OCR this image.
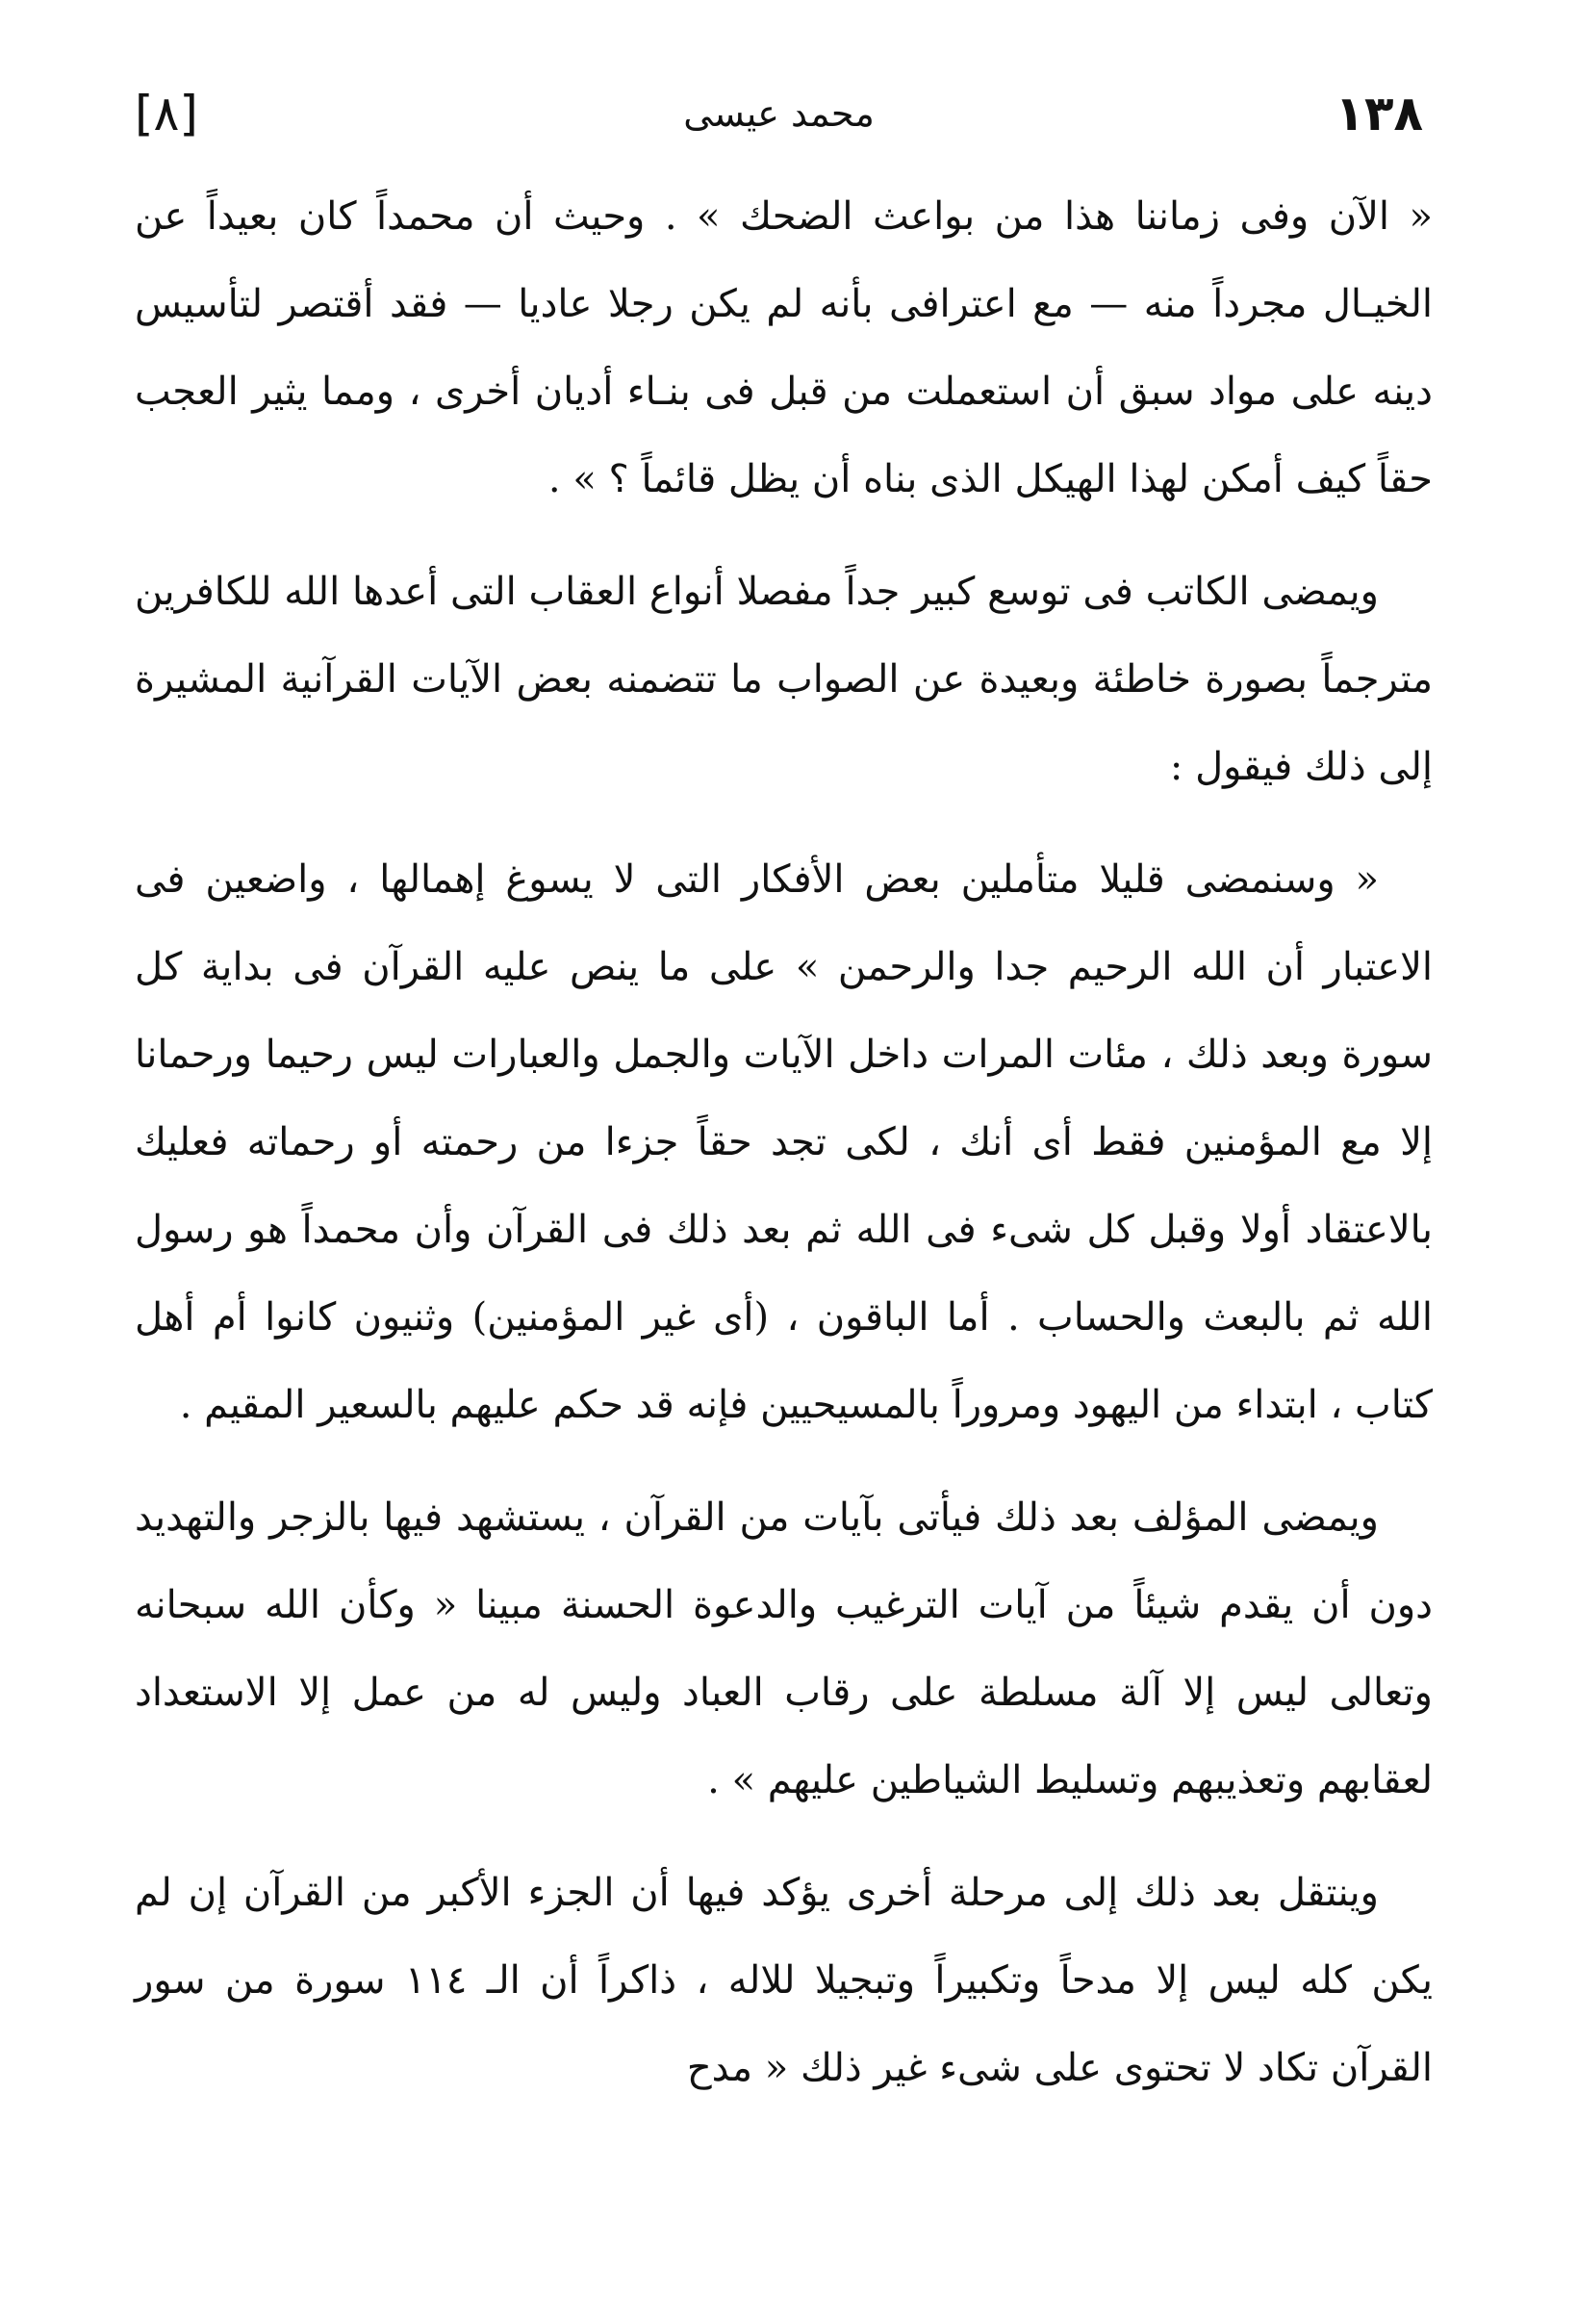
[٨]	محمد عيسى	١٣٨

« الآن وفى زماننا هذا من بواعث الضحك » . وحيث أن محمداً كان بعيداً عن الخيـال مجرداً منه — مع اعترافى بأنه لم يكن رجلا عاديا — فقد أقتصر لتأسيس دينه على مواد سبق أن استعملت من قبل فى بنـاء أديان أخرى ، ومما يثير العجب حقاً كيف أمكن لهذا الهيكل الذى بناه أن يظل قائماً ؟ » .

ويمضى الكاتب فى توسع كبير جداً مفصلا أنواع العقاب التى أعدها الله للكافرين مترجماً بصورة خاطئة وبعيدة عن الصواب ما تتضمنه بعض الآيات القرآنية المشيرة إلى ذلك فيقول :

« وسنمضى قليلا متأملين بعض الأفكار التى لا يسوغ إهمالها ، واضعين فى الاعتبار أن الله الرحيم جدا والرحمن » على ما ينص عليه القرآن فى بداية كل سورة وبعد ذلك ، مئات المرات داخل الآيات والجمل والعبارات ليس رحيما ورحمانا إلا مع المؤمنين فقط أى أنك ، لكى تجد حقاً جزءا من رحمته أو رحماته فعليك بالاعتقاد أولا وقبل كل شىء فى الله ثم بعد ذلك فى القرآن وأن محمداً هو رسول الله ثم بالبعث والحساب . أما الباقون ، (أى غير المؤمنين) وثنيون كانوا أم أهل كتاب ، ابتداء من اليهود ومروراً بالمسيحيين فإنه قد حكم عليهم بالسعير المقيم .

ويمضى المؤلف بعد ذلك فيأتى بآيات من القرآن ، يستشهد فيها بالزجر والتهديد دون أن يقدم شيئاً من آيات الترغيب والدعوة الحسنة مبينا « وكأن الله سبحانه وتعالى ليس إلا آلة مسلطة على رقاب العباد وليس له من عمل إلا الاستعداد لعقابهم وتعذيبهم وتسليط الشياطين عليهم » .

وينتقل بعد ذلك إلى مرحلة أخرى يؤكد فيها أن الجزء الأكبر من القرآن إن لم يكن كله ليس إلا مدحاً وتكبيراً وتبجيلا للاله ، ذاكراً أن الـ ١١٤ سورة من سور القرآن تكاد لا تحتوى على شىء غير ذلك « مدح
